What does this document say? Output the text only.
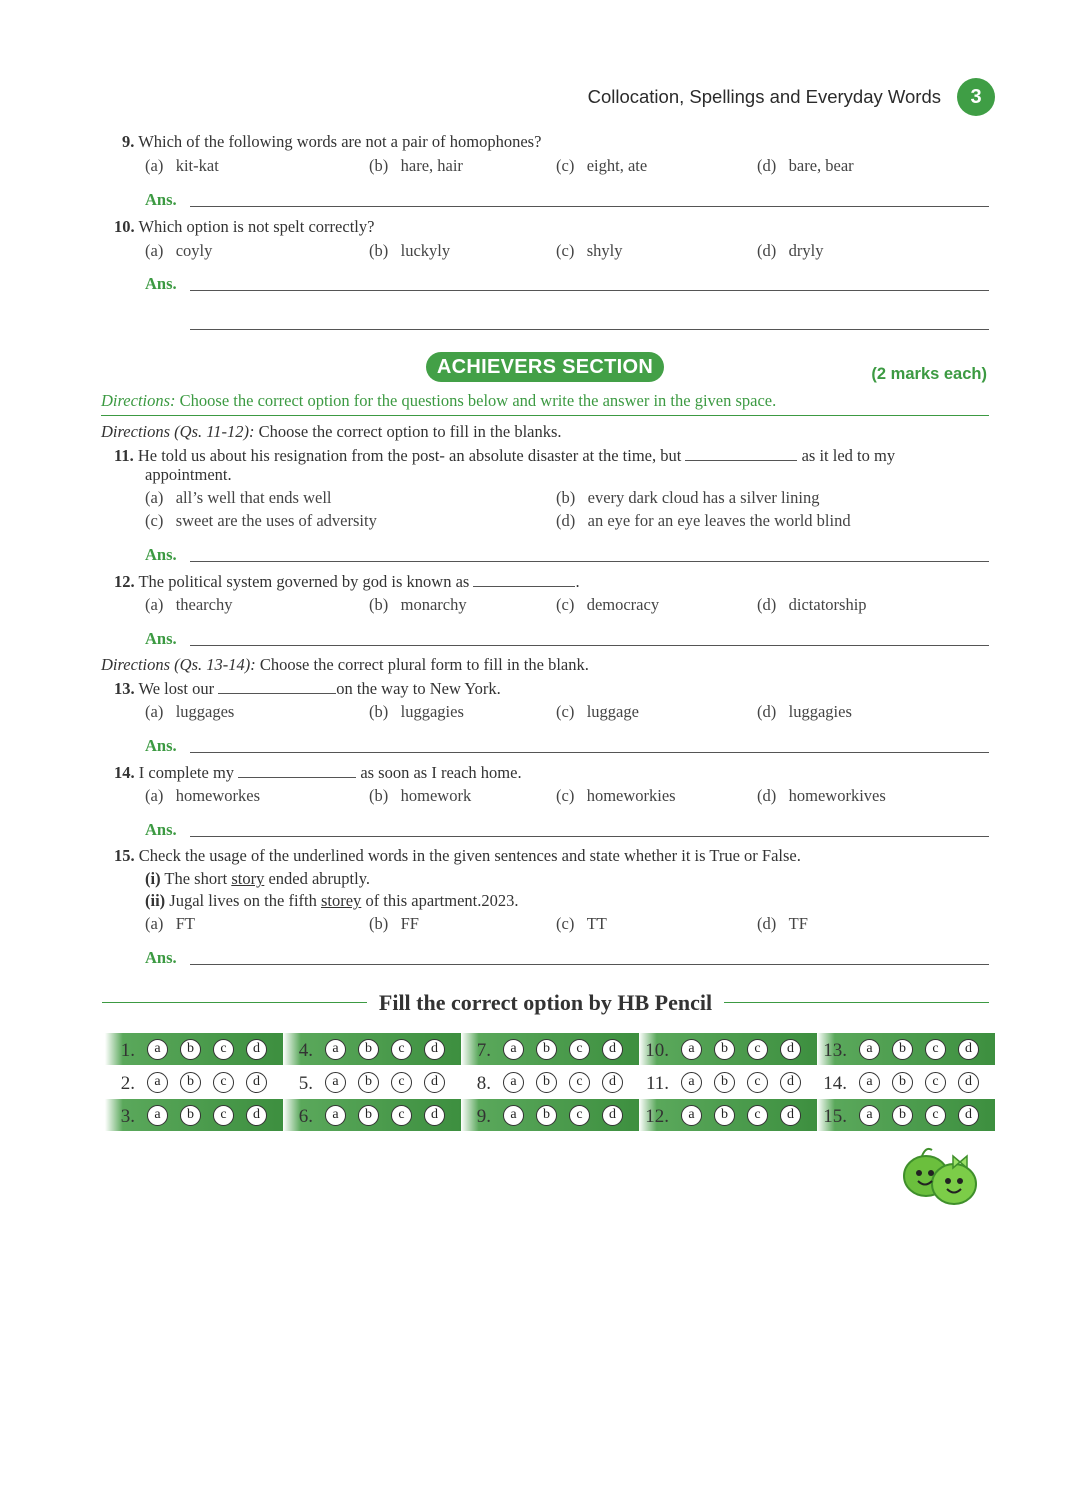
Collocation, Spellings and Everyday Words	3
9. Which of the following words are not a pair of homophones?
(a) kit-kat	(b) hare, hair	(c) eight, ate	(d) bare, bear
Ans.
10. Which option is not spelt correctly?
(a) coyly	(b) luckyly	(c) shyly	(d) dryly
Ans.
ACHIEVERS SECTION	(2 marks each)
Directions: Choose the correct option for the questions below and write the answer in the given space.
Directions (Qs. 11-12): Choose the correct option to fill in the blanks.
11. He told us about his resignation from the post- an absolute disaster at the time, but	as it led to my
appointment.
(a) all’s well that ends well	(b) every dark cloud has a silver lining
(c) sweet are the uses of adversity	(d) an eye for an eye leaves the world blind
Ans.
12. The political system governed by god is known as	.
(a) thearchy	(b) monarchy	(c) democracy	(d) dictatorship
Ans.
Directions (Qs. 13-14): Choose the correct plural form to fill in the blank.
13. We lost our	on the way to New York.
(a) luggages	(b) luggagies	(c) luggage	(d) luggagies
Ans.
14. I complete my	as soon as I reach home.
(a) homeworkes	(b) homework	(c) homeworkies	(d) homeworkives
Ans.
15. Check the usage of the underlined words in the given sentences and state whether it is True or False.
(i) The short story ended abruptly.
(ii) Jugal lives on the fifth storey of this apartment.2023.
(a) FT	(b) FF	(c) TT	(d) TF
Ans.
Fill the correct option by HB Pencil
1.	a	b	c	d
2.	a	b	c	d
3.	a	b	c	d
4.	a	b	c	d
5.	a	b	c	d
6.	a	b	c	d
7.	a	b	c	d
8.	a	b	c	d
9.	a	b	c	d
10.	a	b	c	d
11.	a	b	c	d
12.	a	b	c	d
13.	a	b	c	d
14.	a	b	c	d
15.	a	b	c	d
